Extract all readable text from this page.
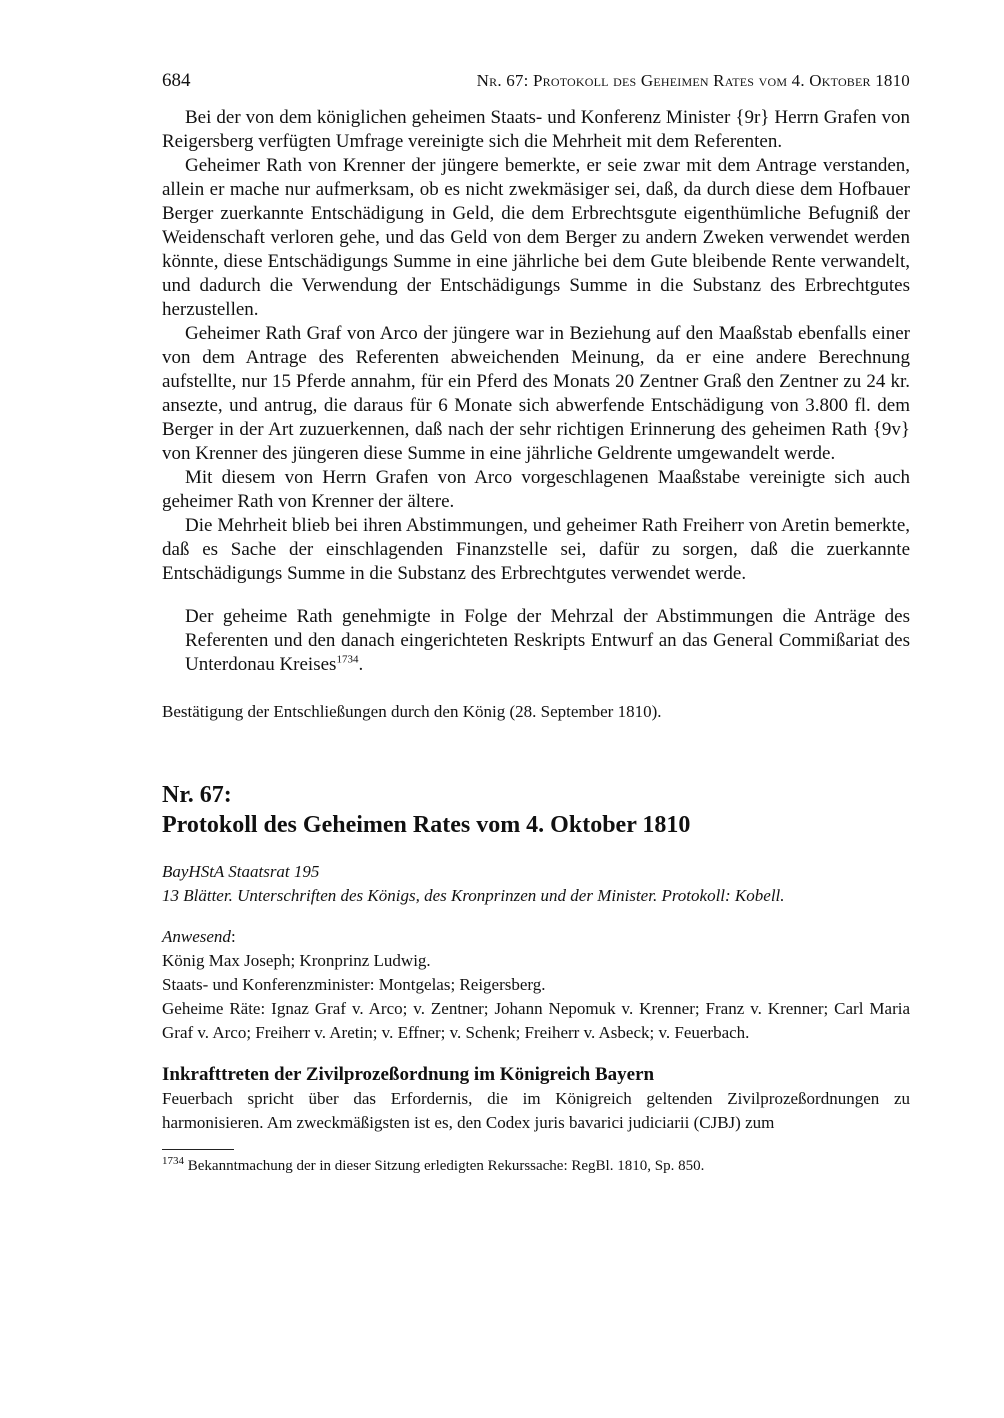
684	Nr. 67: Protokoll des Geheimen Rates vom 4. Oktober 1810

Bei der von dem königlichen geheimen Staats- und Konferenz Minister {9r} Herrn Grafen von Reigersberg verfügten Umfrage vereinigte sich die Mehrheit mit dem Referenten.

Geheimer Rath von Krenner der jüngere bemerkte, er seie zwar mit dem Antrage verstanden, allein er mache nur aufmerksam, ob es nicht zwekmäsiger sei, daß, da durch diese dem Hofbauer Berger zuerkannte Entschädigung in Geld, die dem Erbrechtsgute eigenthümliche Befugniß der Weidenschaft verloren gehe, und das Geld von dem Berger zu andern Zweken verwendet werden könnte, diese Entschädigungs Summe in eine jährliche bei dem Gute bleibende Rente verwandelt, und dadurch die Verwendung der Entschädigungs Summe in die Substanz des Erbrechtgutes herzustellen.

Geheimer Rath Graf von Arco der jüngere war in Beziehung auf den Maaßstab ebenfalls einer von dem Antrage des Referenten abweichenden Meinung, da er eine andere Berechnung aufstellte, nur 15 Pferde annahm, für ein Pferd des Monats 20 Zentner Graß den Zentner zu 24 kr. ansezte, und antrug, die daraus für 6 Monate sich abwerfende Entschädigung von 3.800 fl. dem Berger in der Art zuzuerkennen, daß nach der sehr richtigen Erinnerung des geheimen Rath {9v} von Krenner des jüngeren diese Summe in eine jährliche Geldrente umgewandelt werde.

Mit diesem von Herrn Grafen von Arco vorgeschlagenen Maaßstabe vereinigte sich auch geheimer Rath von Krenner der ältere.

Die Mehrheit blieb bei ihren Abstimmungen, und geheimer Rath Freiherr von Aretin bemerkte, daß es Sache der einschlagenden Finanzstelle sei, dafür zu sorgen, daß die zuerkannte Entschädigungs Summe in die Substanz des Erbrechtgutes verwendet werde.

Der geheime Rath genehmigte in Folge der Mehrzal der Abstimmungen die Anträge des Referenten und den danach eingerichteten Reskripts Entwurf an das General Commißariat des Unterdonau Kreises$^{1734}$.

Bestätigung der Entschließungen durch den König (28. September 1810).
Nr. 67:
Protokoll des Geheimen Rates vom 4. Oktober 1810
BayHStA Staatsrat 195
13 Blätter. Unterschriften des Königs, des Kronprinzen und der Minister. Protokoll: Kobell.
Anwesend:
König Max Joseph; Kronprinz Ludwig.
Staats- und Konferenzminister: Montgelas; Reigersberg.
Geheime Räte: Ignaz Graf v. Arco; v. Zentner; Johann Nepomuk v. Krenner; Franz v. Krenner; Carl Maria Graf v. Arco; Freiherr v. Aretin; v. Effner; v. Schenk; Freiherr v. Asbeck; v. Feuerbach.
Inkrafttreten der Zivilprozeßordnung im Königreich Bayern

Feuerbach spricht über das Erfordernis, die im Königreich geltenden Zivilprozeßordnungen zu harmonisieren. Am zweckmäßigsten ist es, den Codex juris bavarici judiciarii (CJBJ) zum

$^{1734}$ Bekanntmachung der in dieser Sitzung erledigten Rekurssache: RegBl. 1810, Sp. 850.
